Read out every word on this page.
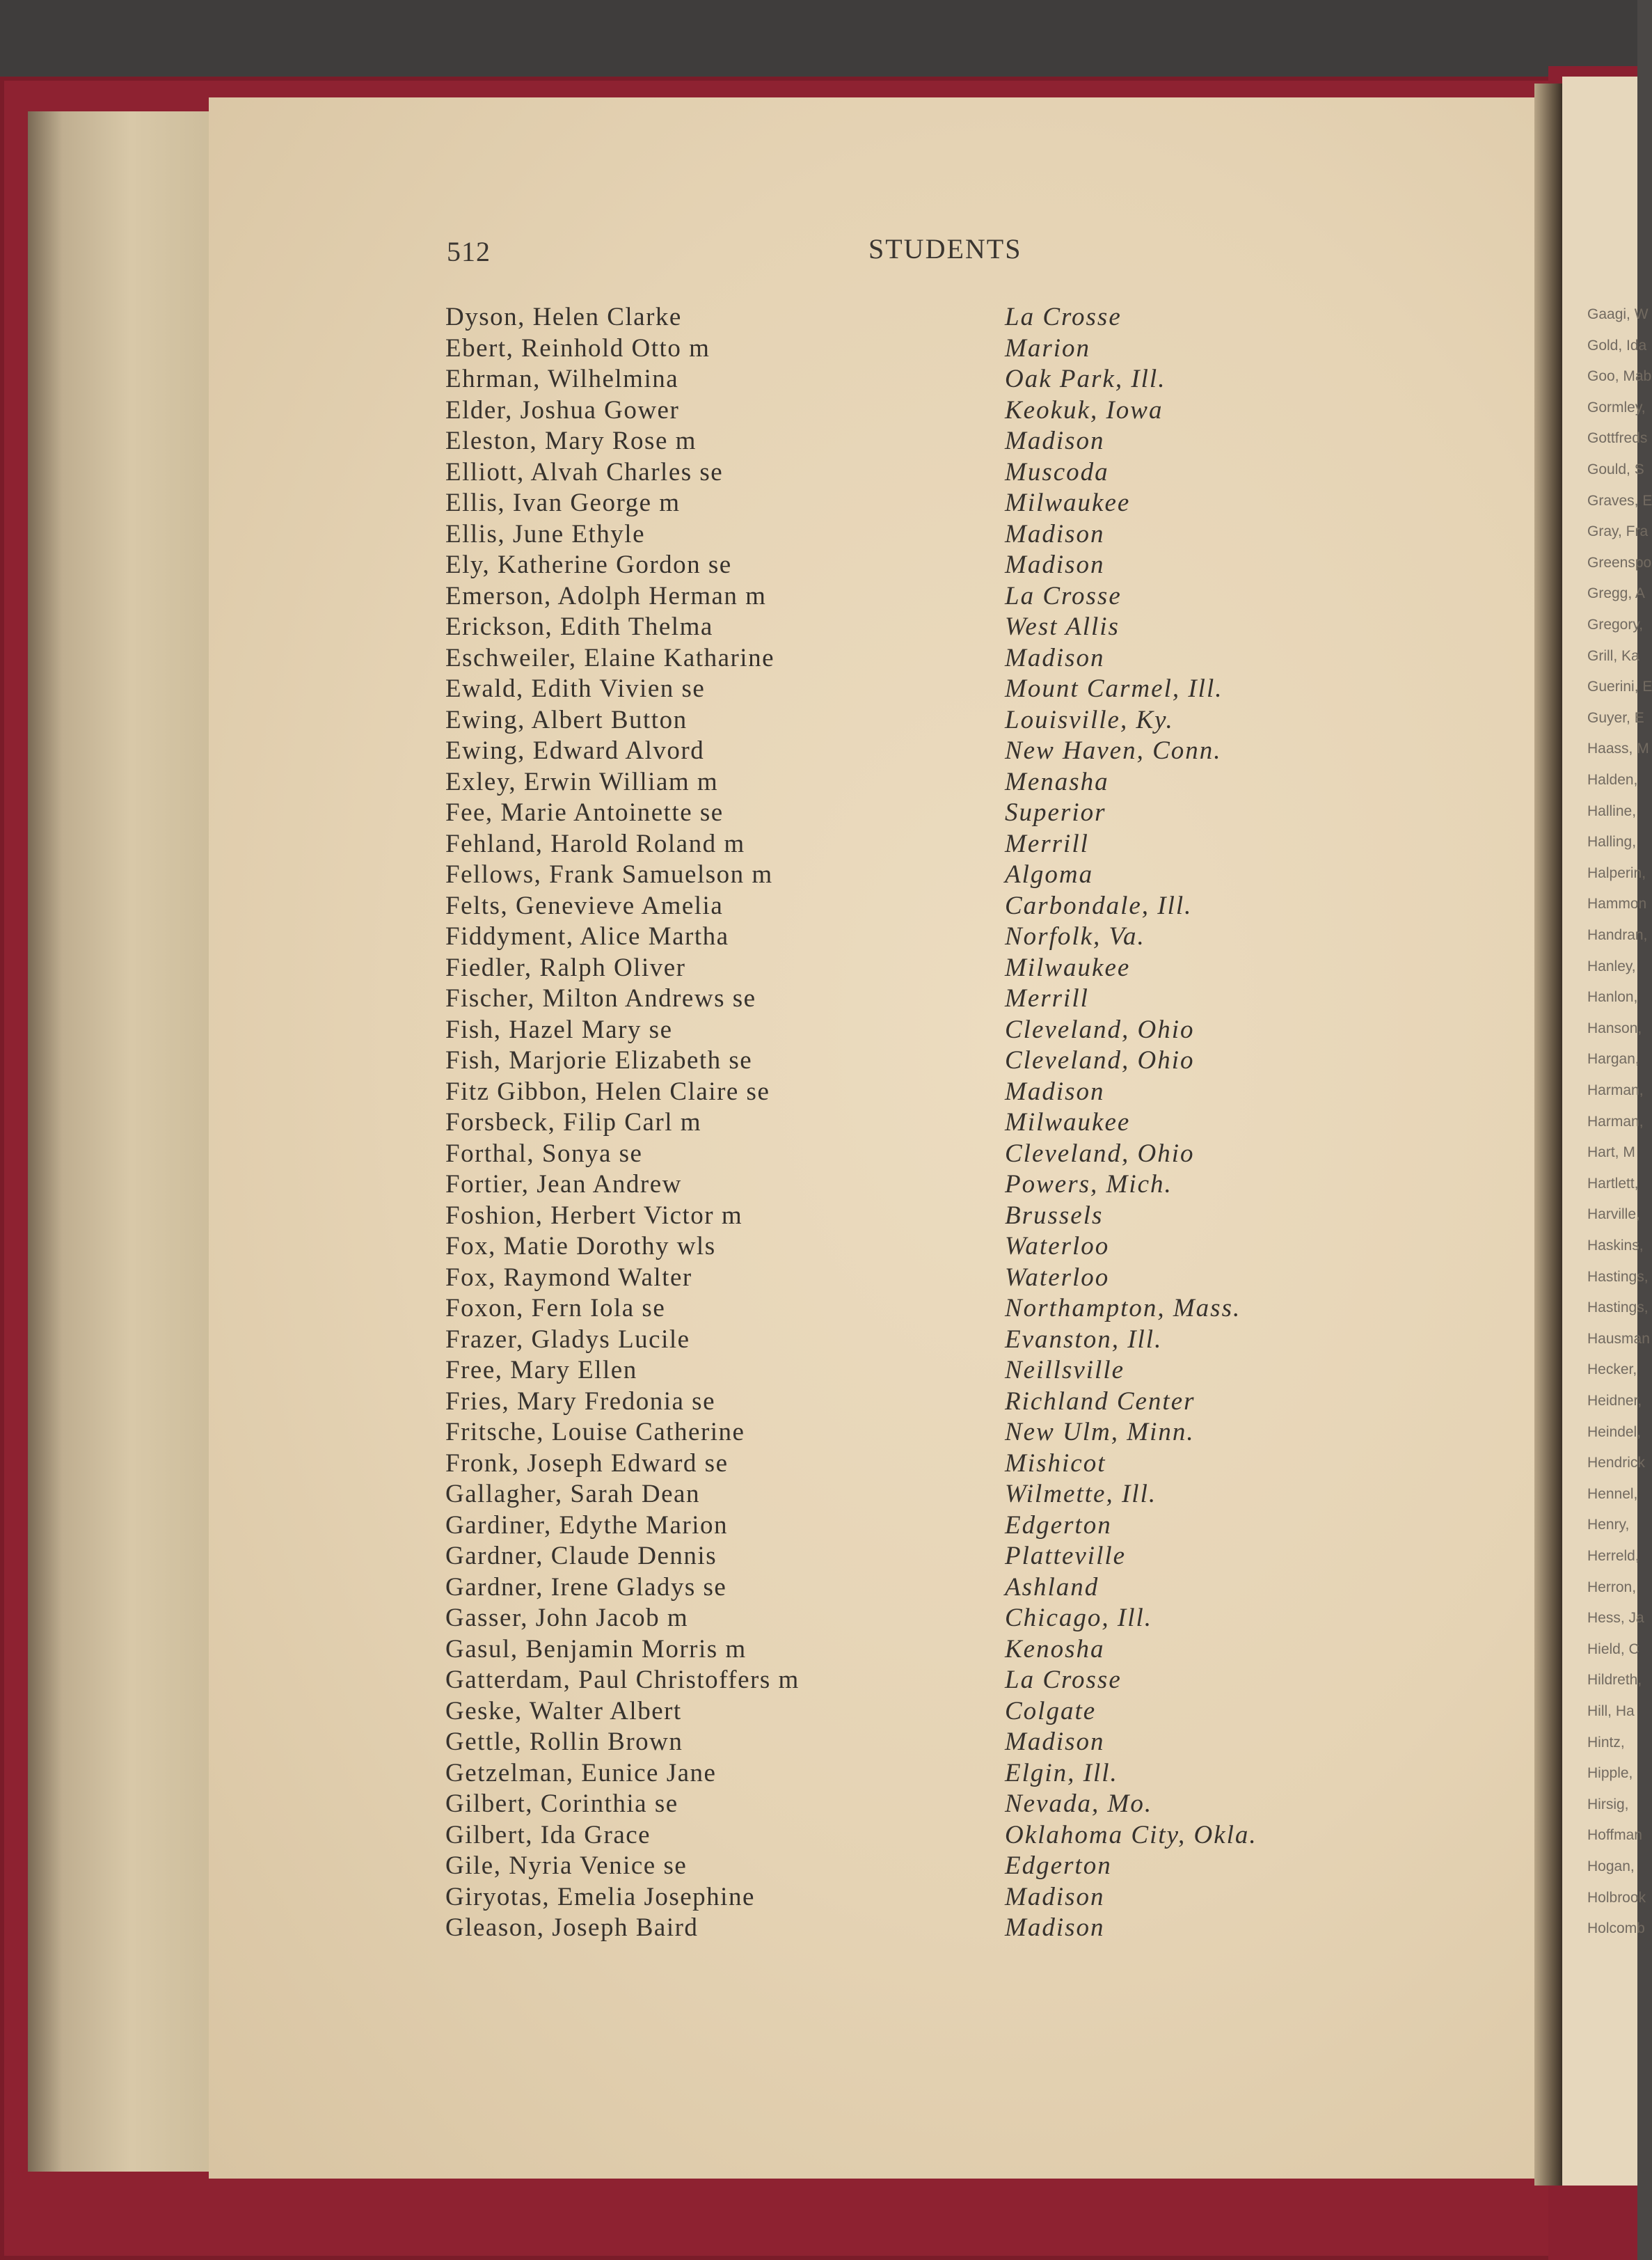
Gaagi, W
Gold, Ida
Goo, Mab
Gormley,
Gottfreds
Gould, S
Graves, E
Gray, Fra
Greenspo
Gregg, A
Gregory,
Grill, Ka
Guerini, E
Guyer, E
Haass, M
Halden,
Halline,
Halling,
Halperin,
Hammon
Handran,
Hanley,
Hanlon,
Hanson,
Hargan,
Harman,
Harman,
Hart, M
Hartlett,
Harville,
Haskins,
Hastings,
Hastings,
Hausman
Hecker,
Heidner,
Heindel,
Hendrick
Hennel,
Henry,
Herreld,
Herron,
Hess, Ja
Hield, C
Hildreth,
Hill, Ha
Hintz,
Hipple,
Hirsig,
Hoffman
Hogan,
Holbrook
Holcomb
512	STUDENTS
Dyson, Helen Clarke
Ebert, Reinhold Otto m
Ehrman, Wilhelmina
Elder, Joshua Gower
Eleston, Mary Rose m
Elliott, Alvah Charles se
Ellis, Ivan George m
Ellis, June Ethyle
Ely, Katherine Gordon se
Emerson, Adolph Herman m
Erickson, Edith Thelma
Eschweiler, Elaine Katharine
Ewald, Edith Vivien se
Ewing, Albert Button
Ewing, Edward Alvord
Exley, Erwin William m
Fee, Marie Antoinette se
Fehland, Harold Roland m
Fellows, Frank Samuelson m
Felts, Genevieve Amelia
Fiddyment, Alice Martha
Fiedler, Ralph Oliver
Fischer, Milton Andrews se
Fish, Hazel Mary se
Fish, Marjorie Elizabeth se
Fitz Gibbon, Helen Claire se
Forsbeck, Filip Carl m
Forthal, Sonya se
Fortier, Jean Andrew
Foshion, Herbert Victor m
Fox, Matie Dorothy wls
Fox, Raymond Walter
Foxon, Fern Iola se
Frazer, Gladys Lucile
Free, Mary Ellen
Fries, Mary Fredonia se
Fritsche, Louise Catherine
Fronk, Joseph Edward se
Gallagher, Sarah Dean
Gardiner, Edythe Marion
Gardner, Claude Dennis
Gardner, Irene Gladys se
Gasser, John Jacob m
Gasul, Benjamin Morris m
Gatterdam, Paul Christoffers m
Geske, Walter Albert
Gettle, Rollin Brown
Getzelman, Eunice Jane
Gilbert, Corinthia se
Gilbert, Ida Grace
Gile, Nyria Venice se
Giryotas, Emelia Josephine
Gleason, Joseph Baird
La Crosse
Marion
Oak Park, Ill.
Keokuk, Iowa
Madison
Muscoda
Milwaukee
Madison
Madison
La Crosse
West Allis
Madison
Mount Carmel, Ill.
Louisville, Ky.
New Haven, Conn.
Menasha
Superior
Merrill
Algoma
Carbondale, Ill.
Norfolk, Va.
Milwaukee
Merrill
Cleveland, Ohio
Cleveland, Ohio
Madison
Milwaukee
Cleveland, Ohio
Powers, Mich.
Brussels
Waterloo
Waterloo
Northampton, Mass.
Evanston, Ill.
Neillsville
Richland Center
New Ulm, Minn.
Mishicot
Wilmette, Ill.
Edgerton
Platteville
Ashland
Chicago, Ill.
Kenosha
La Crosse
Colgate
Madison
Elgin, Ill.
Nevada, Mo.
Oklahoma City, Okla.
Edgerton
Madison
Madison
